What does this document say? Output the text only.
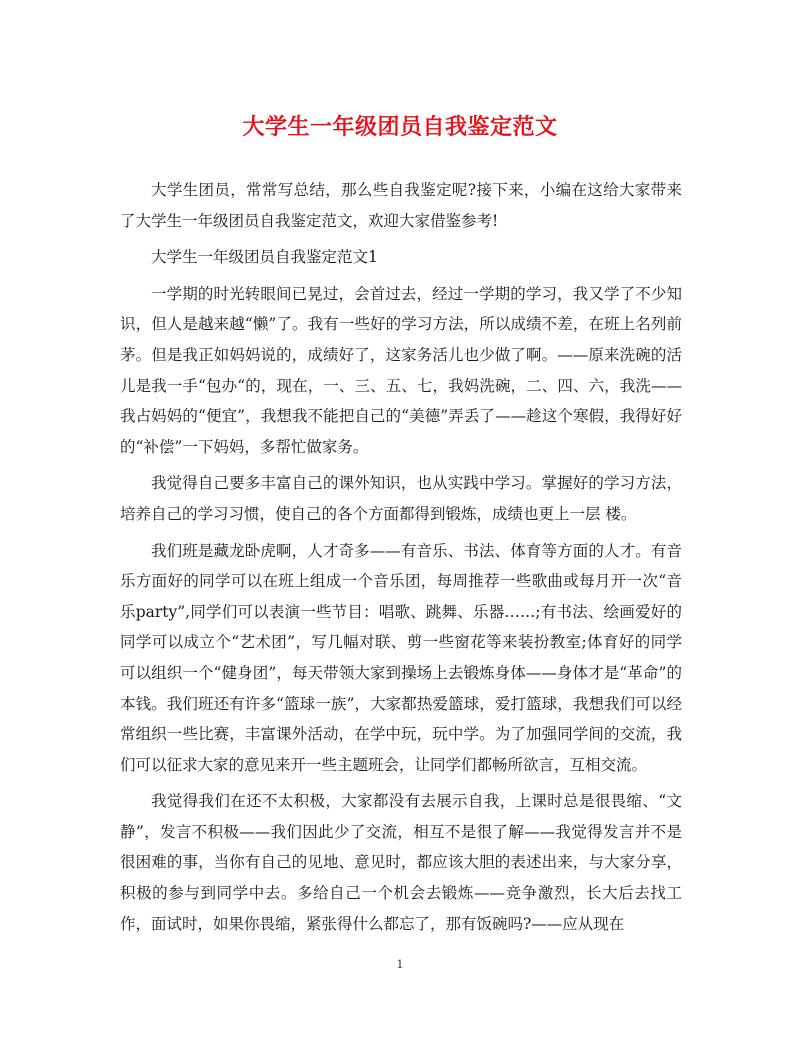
大学生一年级团员自我鉴定范文

大学生团员，常常写总结，那么些自我鉴定呢?接下来，小编在这给大家带来了大学生一年级团员自我鉴定范文，欢迎大家借鉴参考!

大学生一年级团员自我鉴定范文1

一学期的时光转眼间已晃过，会首过去，经过一学期的学习，我又学了不少知识，但人是越来越“懒”了。我有一些好的学习方法，所以成绩不差，在班上名列前茅。但是我正如妈妈说的，成绩好了，这家务活儿也少做了啊。——原来洗碗的活儿是我一手“包办“的，现在，一、三、五、七，我妈洗碗，二、四、六，我洗——我占妈妈的“便宜”，我想我不能把自己的“美德”弄丢了——趁这个寒假，我得好好的“补偿”一下妈妈，多帮忙做家务。

我觉得自己要多丰富自己的课外知识，也从实践中学习。掌握好的学习方法，培养自己的学习习惯，使自己的各个方面都得到锻炼，成绩也更上一层 楼。

我们班是藏龙卧虎啊，人才奇多——有音乐、书法、体育等方面的人才。有音乐方面好的同学可以在班上组成一个音乐团，每周推荐一些歌曲或每月开一次“音乐party”,同学们可以表演一些节目：唱歌、跳舞、乐器……;有书法、绘画爱好的同学可以成立个“艺术团”，写几幅对联、剪一些窗花等来装扮教室;体育好的同学可以组织一个“健身团”，每天带领大家到操场上去锻炼身体——身体才是“革命”的本钱。我们班还有许多“篮球一族”，大家都热爱篮球，爱打篮球，我想我们可以经常组织一些比赛，丰富课外活动，在学中玩，玩中学。为了加强同学间的交流，我们可以征求大家的意见来开一些主题班会，让同学们都畅所欲言，互相交流。

我觉得我们在还不太积极，大家都没有去展示自我，上课时总是很畏缩、“文静”，发言不积极——我们因此少了交流，相互不是很了解——我觉得发言并不是很困难的事，当你有自己的见地、意见时，都应该大胆的表述出来，与大家分享，积极的参与到同学中去。多给自己一个机会去锻炼——竞争激烈，长大后去找工作，面试时，如果你畏缩，紧张得什么都忘了，那有饭碗吗?——应从现在

1
